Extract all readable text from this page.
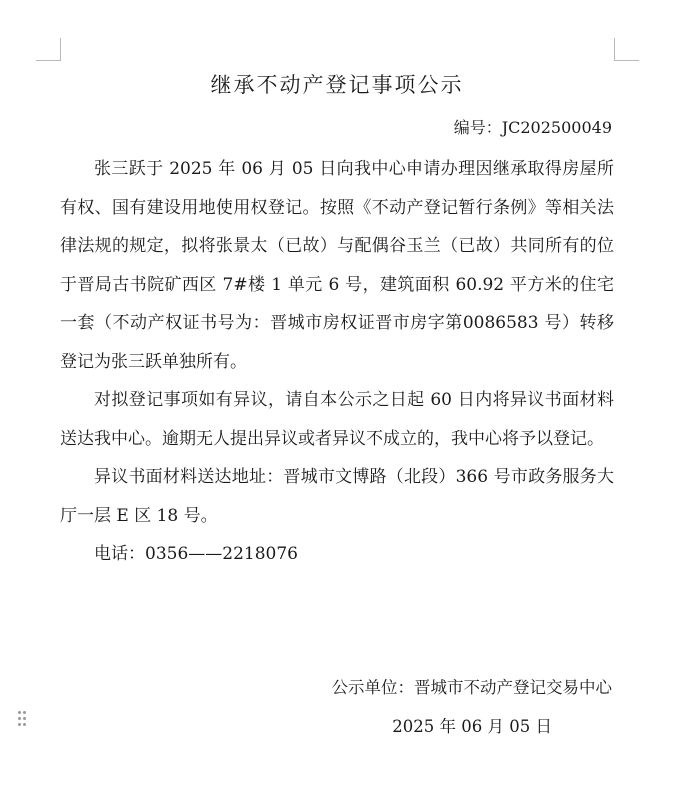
继承不动产登记事项公示
编号：JC202500049

张三跃于 2025 年 06 月 05 日向我中心申请办理因继承取得房屋所有权、国有建设用地使用权登记。按照《不动产登记暂行条例》等相关法律法规的规定，拟将张景太（已故）与配偶谷玉兰（已故）共同所有的位于晋局古书院矿西区 7#楼 1 单元 6 号，建筑面积 60.92 平方米的住宅一套（不动产权证书号为：晋城市房权证晋市房字第0086583 号）转移登记为张三跃单独所有。

对拟登记事项如有异议，请自本公示之日起 60 日内将异议书面材料送达我中心。逾期无人提出异议或者异议不成立的，我中心将予以登记。

异议书面材料送达地址：晋城市文博路（北段）366 号市政务服务大厅一层 E 区 18 号。

电话：0356——2218076

公示单位：晋城市不动产登记交易中心
2025 年 06 月 05 日
